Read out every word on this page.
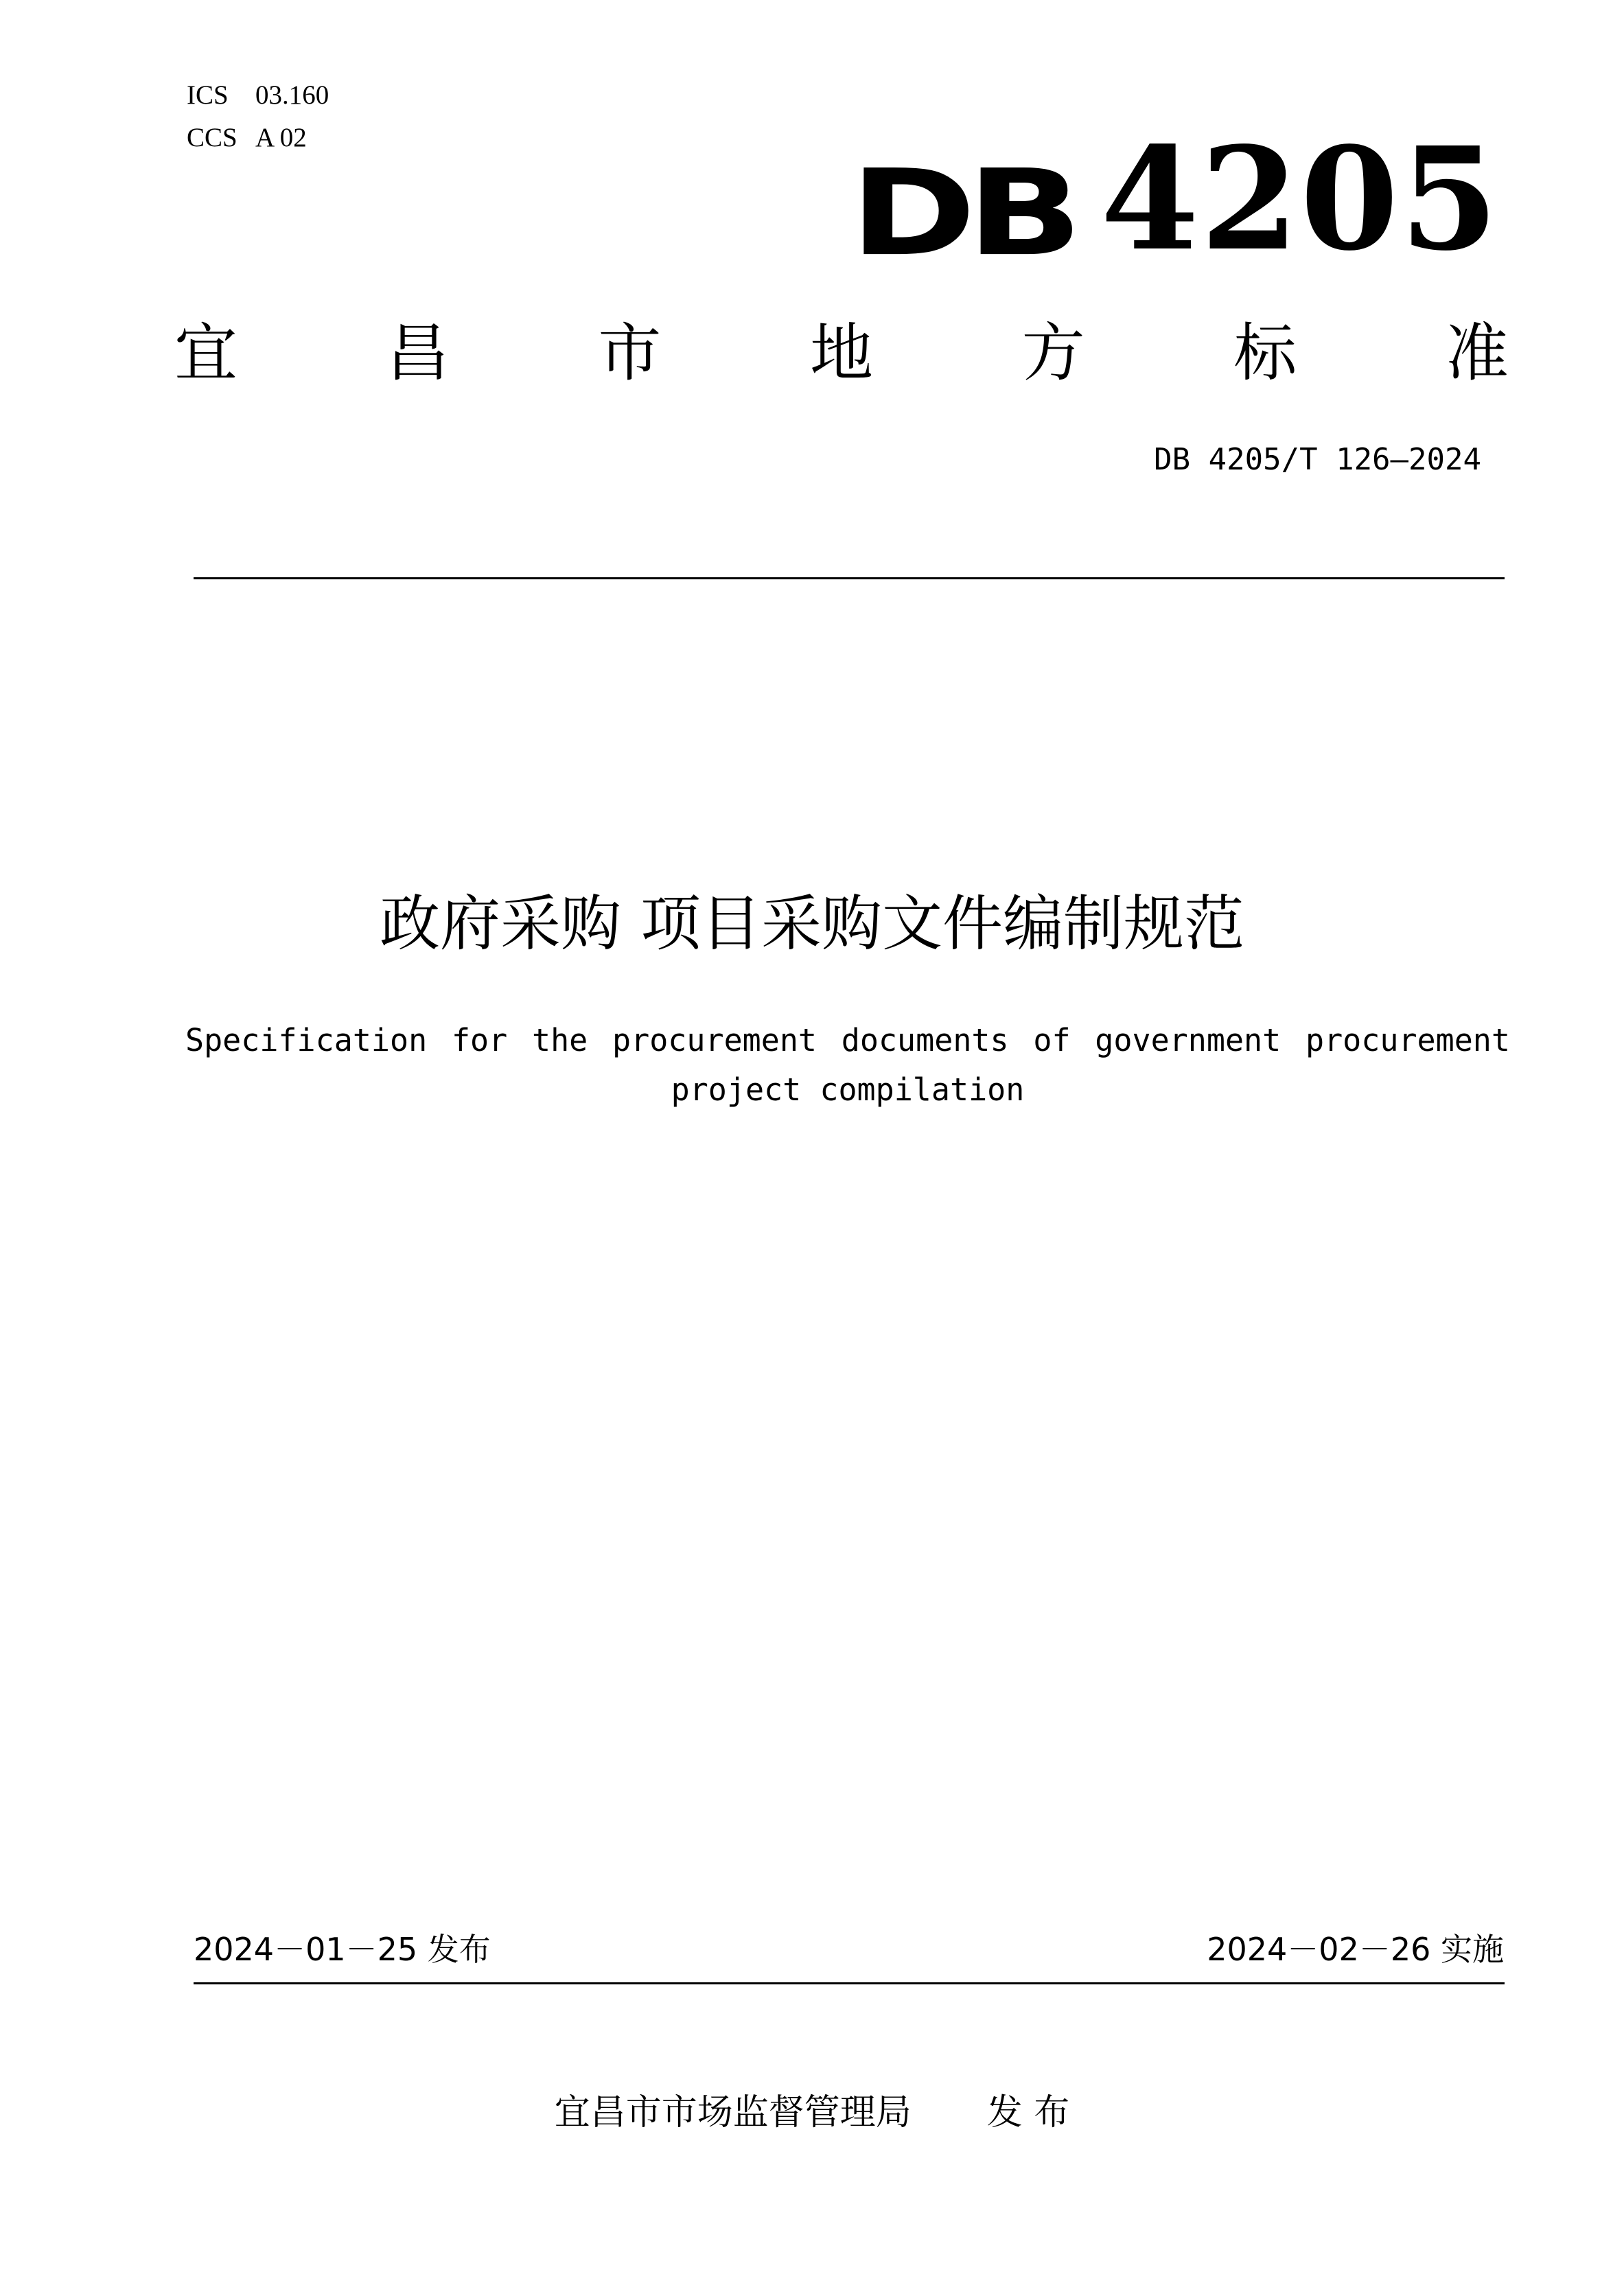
ICS 03.160
CCS A 02
DB 4205
宜 昌 市 地 方 标 准
DB 4205/T 126—2024
政府采购 项目采购文件编制规范
Specification for the procurement documents of government procurement
project compilation
2024－01－25 发布	2024－02－26 实施
宜昌市市场监督管理局 发 布
